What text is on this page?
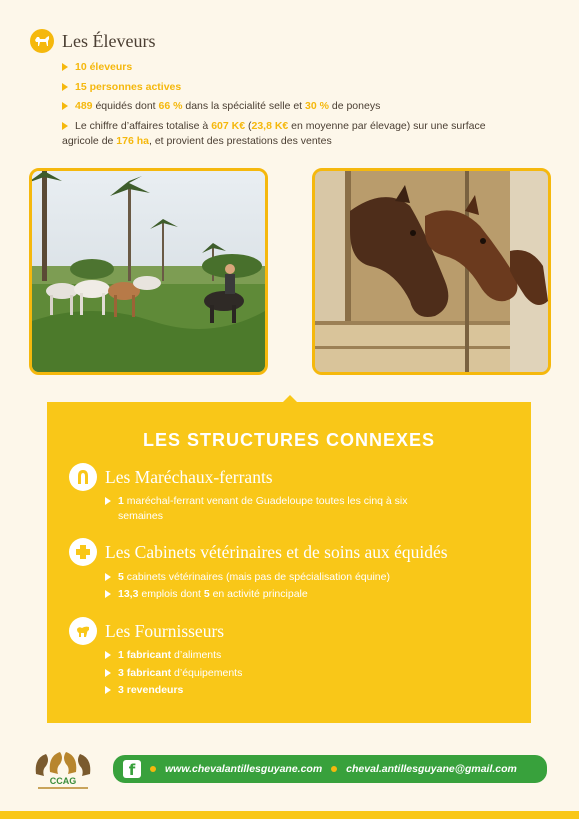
Les Éleveurs
10 éleveurs
15 personnes actives
489 équidés dont 66 % dans la spécialité selle et 30 % de poneys
Le chiffre d’affaires totalise à 607 K€ (23,8 K€ en moyenne par élevage) sur une surface
agricole de 176 ha, et provient des prestations des ventes
LES STRUCTURES CONNEXES
Les Maréchaux-ferrants
1 maréchal-ferrant venant de Guadeloupe toutes les cinq à six
semaines
Les Cabinets vétérinaires et de soins aux équidés
5 cabinets vétérinaires (mais pas de spécialisation équine)
13,3 emplois dont 5 en activité principale
Les Fournisseurs
1 fabricant d’aliments
3 fabricant d’équipements
3 revendeurs
CCAG
f	www.chevalantillesguyane.com cheval.antillesguyane@gmail.com
